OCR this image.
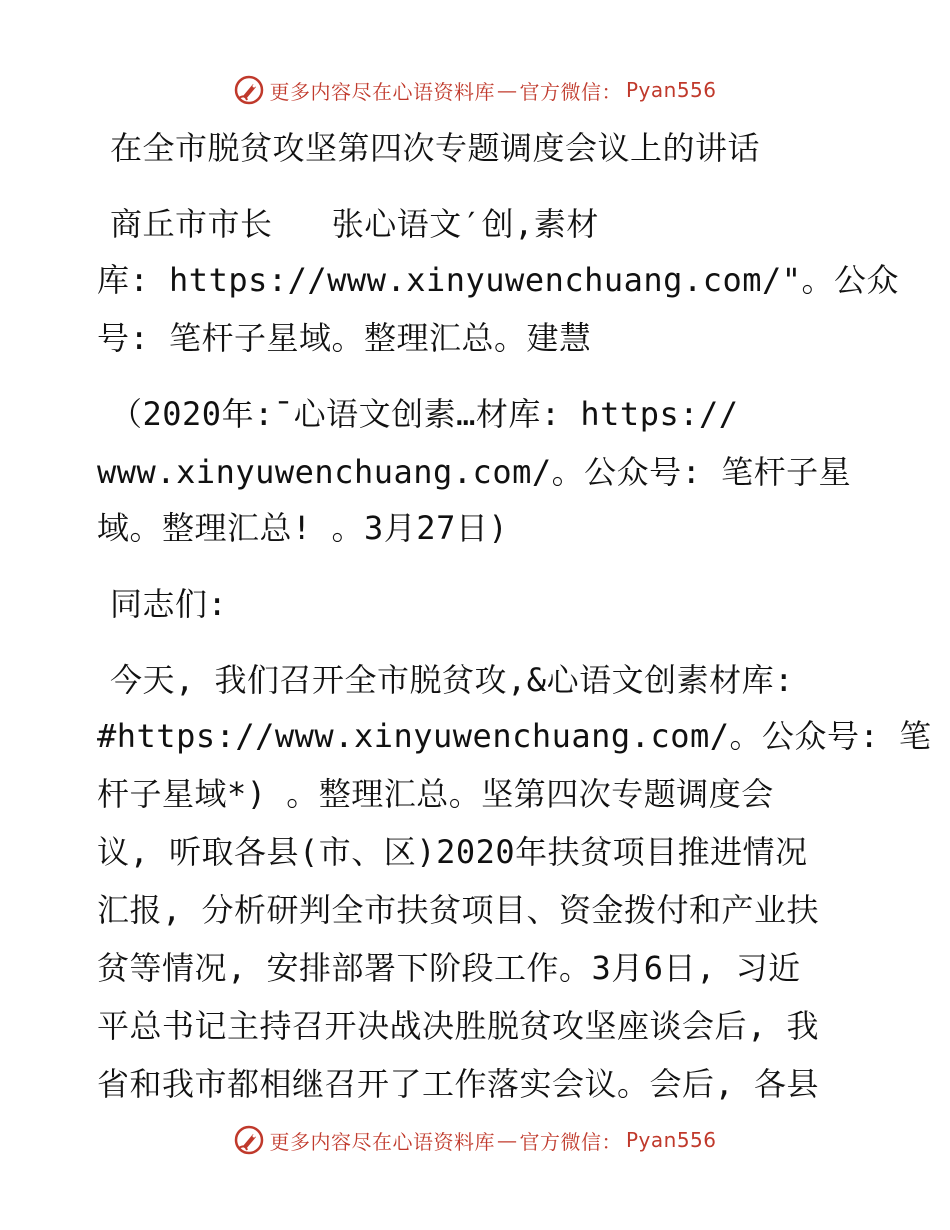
更多内容尽在心语资料库 — 官方微信： Pyan556
在全市脱贫攻坚第四次专题调度会议上的讲话
商丘市市长   张心语文′创,素材
库: https://www.xinyuwenchuang.com/"。公众
号: 笔杆子星域。整理汇总。建慧
（2020年:¯心语文创素…材库: https://
www.xinyuwenchuang.com/。公众号: 笔杆子星
域。整理汇总! 。3月27日)
同志们:
今天, 我们召开全市脱贫攻,&心语文创素材库:
#https://www.xinyuwenchuang.com/。公众号: 笔
杆子星域*) 。整理汇总。坚第四次专题调度会
议, 听取各县(市、区)2020年扶贫项目推进情况
汇报, 分析研判全市扶贫项目、资金拨付和产业扶
贫等情况, 安排部署下阶段工作。3月6日, 习近
平总书记主持召开决战决胜脱贫攻坚座谈会后, 我
省和我市都相继召开了工作落实会议。会后, 各县
更多内容尽在心语资料库 — 官方微信： Pyan556
